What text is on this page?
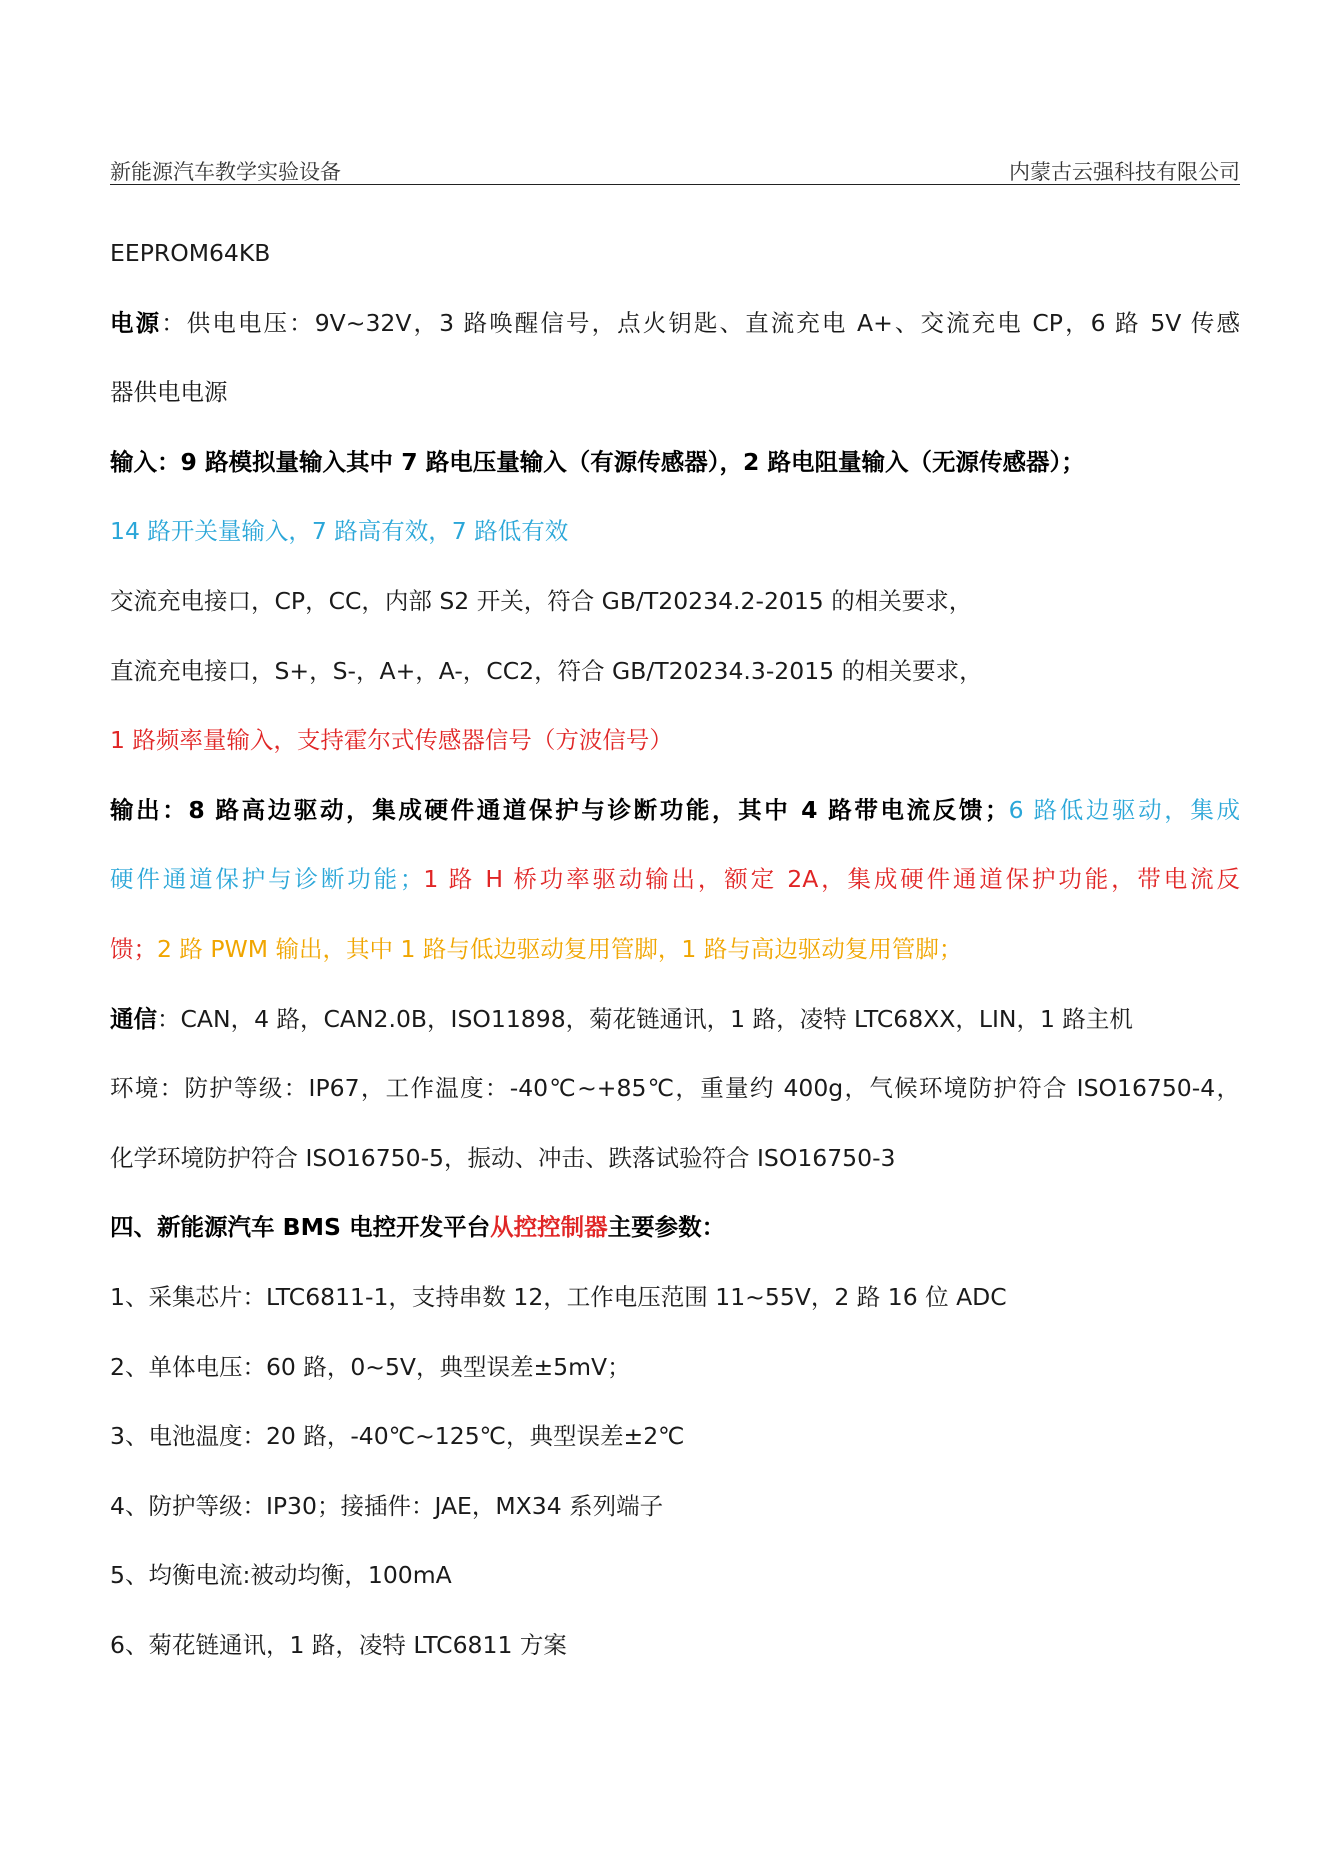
新能源汽车教学实验设备	内蒙古云强科技有限公司
EEPROM64KB
电源：供电电压：9V~32V，3 路唤醒信号，点火钥匙、直流充电 A+、交流充电 CP，6 路 5V 传感
器供电电源
输入：9 路模拟量输入其中 7 路电压量输入（有源传感器），2 路电阻量输入（无源传感器）；
14 路开关量输入，7 路高有效，7 路低有效
交流充电接口，CP，CC，内部 S2 开关，符合 GB/T20234.2-2015 的相关要求，
直流充电接口，S+，S-，A+，A-，CC2，符合 GB/T20234.3-2015 的相关要求，
1 路频率量输入，支持霍尔式传感器信号（方波信号）
输出：8 路高边驱动，集成硬件通道保护与诊断功能，其中 4 路带电流反馈；6 路低边驱动，集成
硬件通道保护与诊断功能；1 路 H 桥功率驱动输出，额定 2A，集成硬件通道保护功能，带电流反
馈；2 路 PWM 输出，其中 1 路与低边驱动复用管脚，1 路与高边驱动复用管脚；
通信：CAN，4 路，CAN2.0B，ISO11898，菊花链通讯，1 路，凌特 LTC68XX，LIN，1 路主机
环境：防护等级：IP67，工作温度：-40℃~+85℃，重量约 400g，气候环境防护符合 ISO16750-4，
化学环境防护符合 ISO16750-5，振动、冲击、跌落试验符合 ISO16750-3
四、新能源汽车 BMS 电控开发平台从控控制器主要参数：
1、采集芯片：LTC6811-1，支持串数 12，工作电压范围 11~55V，2 路 16 位 ADC
2、单体电压：60 路，0~5V，典型误差±5mV；
3、电池温度：20 路，-40℃~125℃，典型误差±2℃
4、防护等级：IP30；接插件：JAE，MX34 系列端子
5、均衡电流:被动均衡，100mA
6、菊花链通讯，1 路，凌特 LTC6811 方案
